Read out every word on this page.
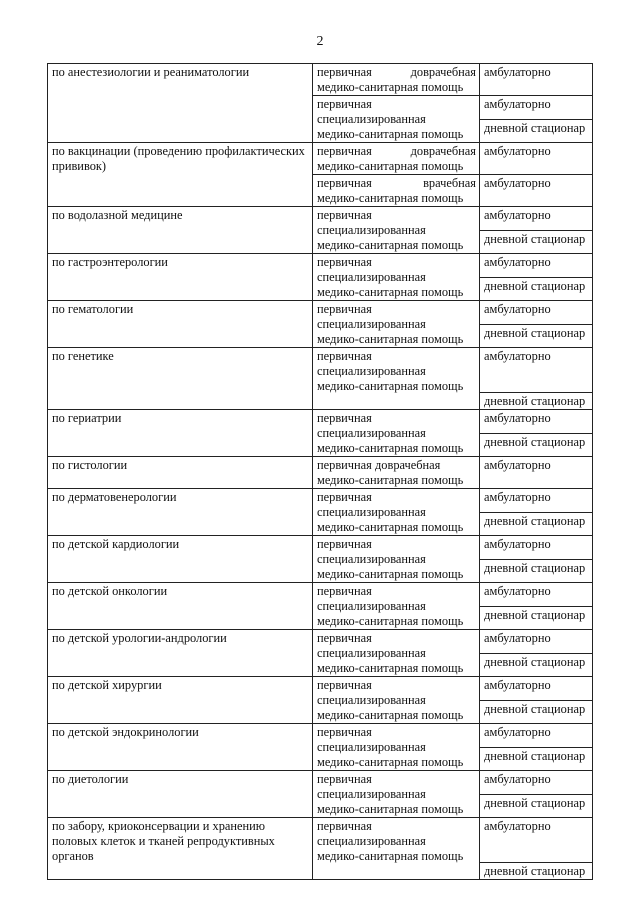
2
по анестезиологии и реаниматологии	первичная доврачебная
медико-санитарная помощь	амбулаторно

	первичная
специализированная
медико-санитарная помощь	амбулаторно
		дневной стационар
по вакцинации (проведению профилактических прививок)	первичная доврачебная
медико-санитарная помощь	амбулаторно

	первичная врачебная
медико-санитарная помощь	амбулаторно
по водолазной медицине	первичная
специализированная
медико-санитарная помощь	амбулаторно
		дневной стационар
по гастроэнтерологии	первичная
специализированная
медико-санитарная помощь	амбулаторно
		дневной стационар
по гематологии	первичная
специализированная
медико-санитарная помощь	амбулаторно
		дневной стационар
по генетике	первичная
специализированная
медико-санитарная помощь	амбулаторно
		дневной стационар
по гериатрии	первичная
специализированная
медико-санитарная помощь	амбулаторно
		дневной стационар
по гистологии	первичная доврачебная
медико-санитарная помощь	амбулаторно
по дерматовенерологии	первичная
специализированная
медико-санитарная помощь	амбулаторно
		дневной стационар
по детской кардиологии	первичная
специализированная
медико-санитарная помощь	амбулаторно
		дневной стационар
по детской онкологии	первичная
специализированная
медико-санитарная помощь	амбулаторно
		дневной стационар
по детской урологии-андрологии	первичная
специализированная
медико-санитарная помощь	амбулаторно
		дневной стационар
по детской хирургии	первичная
специализированная
медико-санитарная помощь	амбулаторно
		дневной стационар
по детской эндокринологии	первичная
специализированная
медико-санитарная помощь	амбулаторно
		дневной стационар
по диетологии	первичная
специализированная
медико-санитарная помощь	амбулаторно
		дневной стационар
по забору, криоконсервации и хранению половых клеток и тканей репродуктивных органов	первичная
специализированная
медико-санитарная помощь	амбулаторно
		дневной стационар
